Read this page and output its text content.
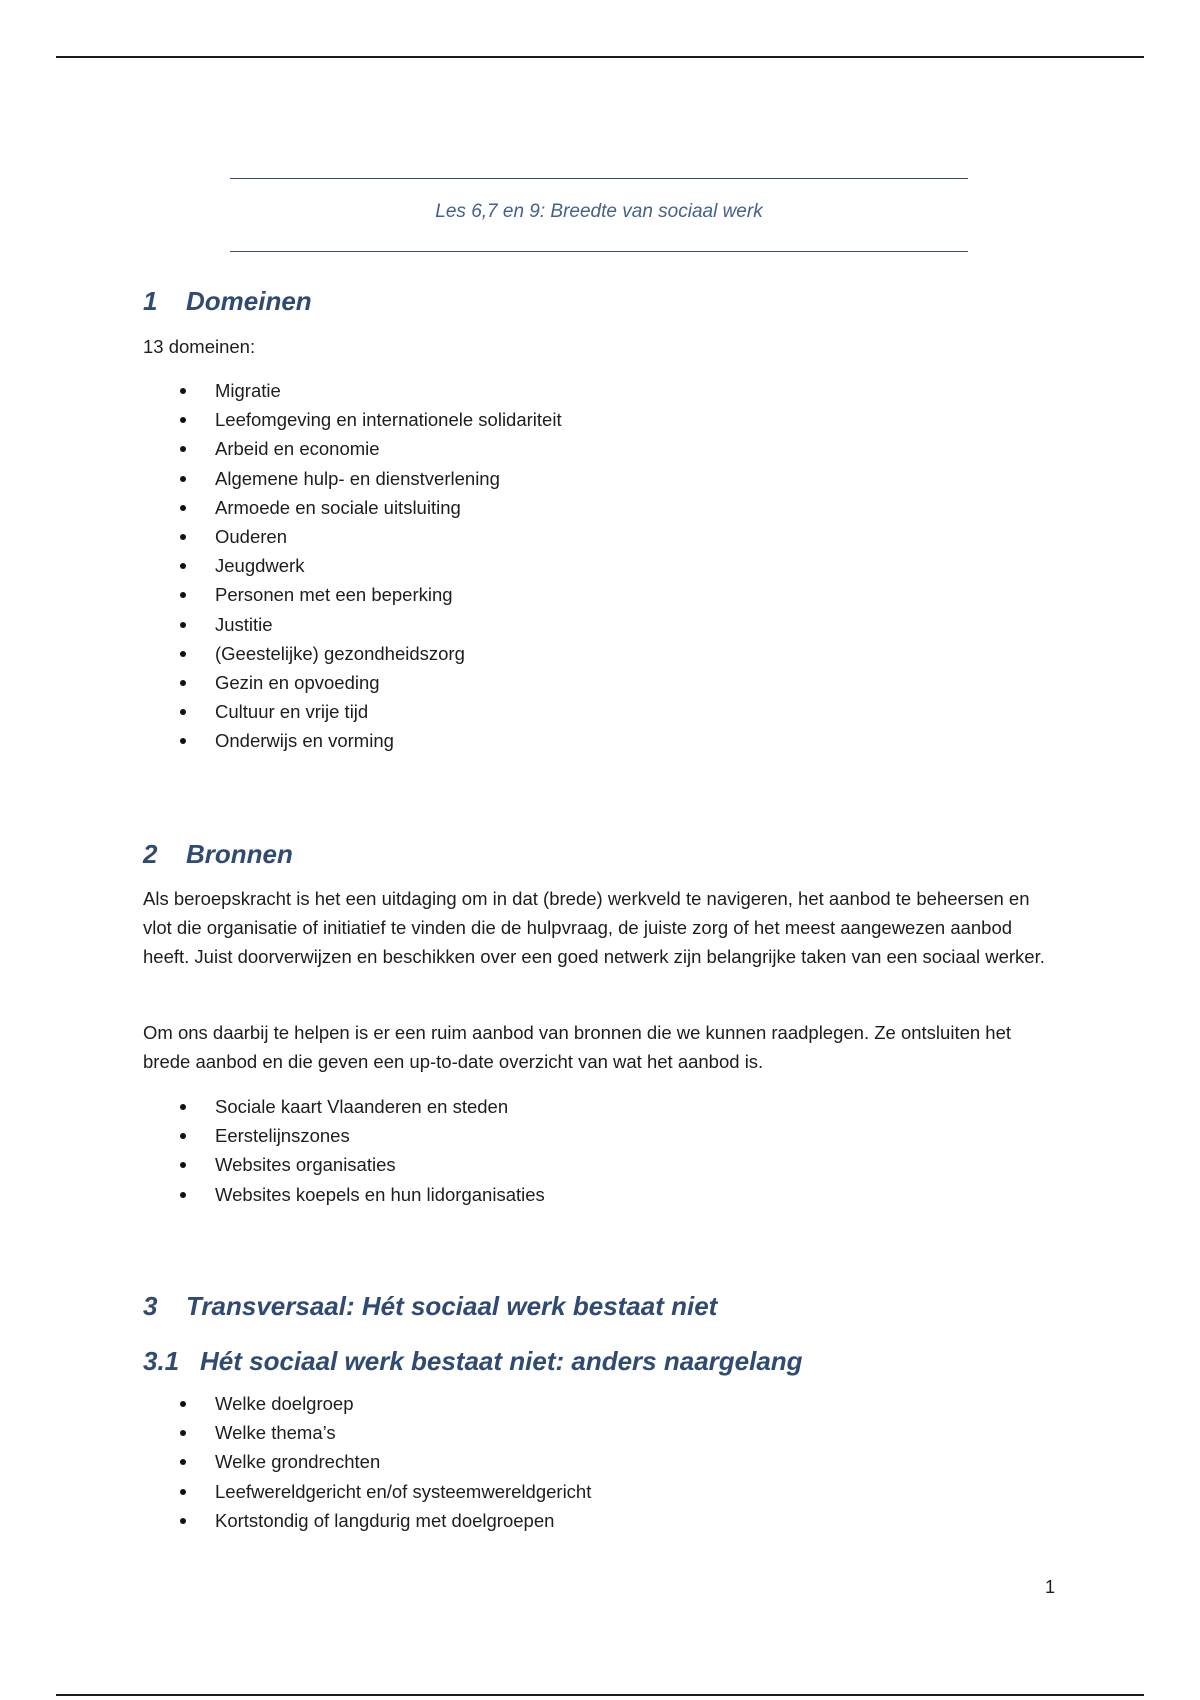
Les 6,7 en 9: Breedte van sociaal werk
1 Domeinen
13 domeinen:
Migratie
Leefomgeving en internationele solidariteit
Arbeid en economie
Algemene hulp- en dienstverlening
Armoede en sociale uitsluiting
Ouderen
Jeugdwerk
Personen met een beperking
Justitie
(Geestelijke) gezondheidszorg
Gezin en opvoeding
Cultuur en vrije tijd
Onderwijs en vorming
2 Bronnen
Als beroepskracht is het een uitdaging om in dat (brede) werkveld te navigeren, het aanbod te beheersen en vlot die organisatie of initiatief te vinden die de hulpvraag, de juiste zorg of het meest aangewezen aanbod heeft. Juist doorverwijzen en beschikken over een goed netwerk zijn belangrijke taken van een sociaal werker.
Om ons daarbij te helpen is er een ruim aanbod van bronnen die we kunnen raadplegen. Ze ontsluiten het brede aanbod en die geven een up-to-date overzicht van wat het aanbod is.
Sociale kaart Vlaanderen en steden
Eerstelijnszones
Websites organisaties
Websites koepels en hun lidorganisaties
3 Transversaal: Hét sociaal werk bestaat niet
3.1 Hét sociaal werk bestaat niet: anders naargelang
Welke doelgroep
Welke thema’s
Welke grondrechten
Leefwereldgericht en/of systeemwereldgericht
Kortstondig of langdurig met doelgroepen
1
